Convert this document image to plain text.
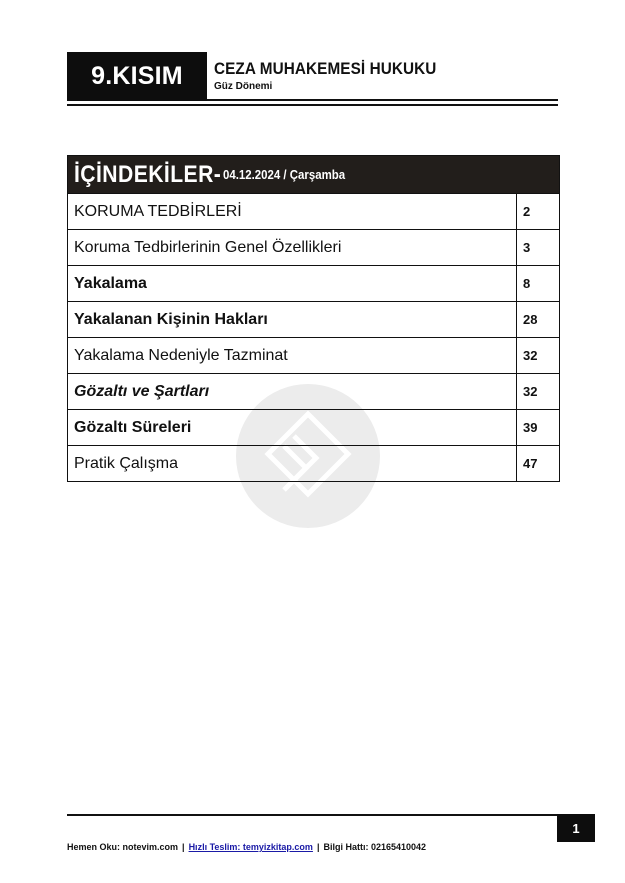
9.KISIM	CEZA MUHAKEMESİ HUKUKU
Güz Dönemi
İÇİNDEKİLER- 04.12.2024 / Çarşamba
KORUMA TEDBİRLERİ	2
Koruma Tedbirlerinin Genel Özellikleri	3
Yakalama	8
Yakalanan Kişinin Hakları	28
Yakalama Nedeniyle Tazminat	32
Gözaltı ve Şartları	32
Gözaltı Süreleri	39
Pratik Çalışma	47
1
Hemen Oku: notevim.com | Hızlı Teslim: temyizkitap.com | Bilgi Hattı: 02165410042
